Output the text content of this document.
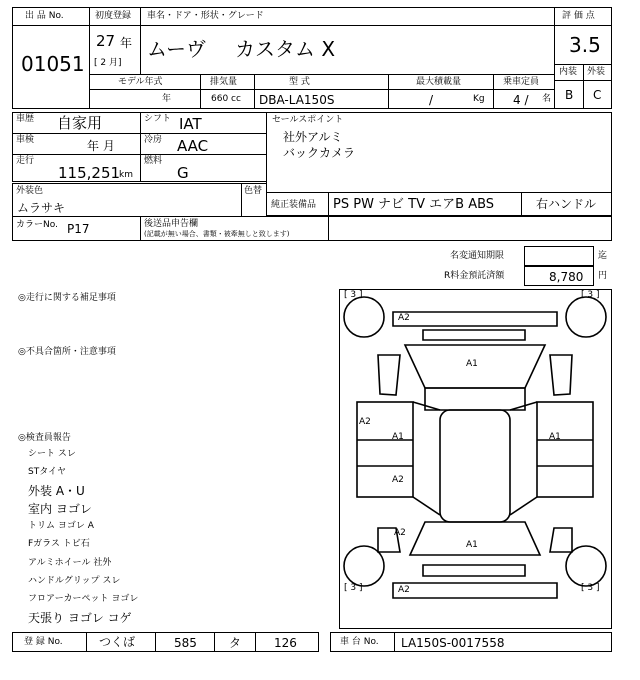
出 品 No.
01051
初度登録
27 年
[ 2 月]
車名・ドア・形状・グレード
ムーヴ カスタム X
評 価 点
3.5
モデル年式
年
排気量
660 cc
型 式
DBA-LA150S
最大積載量
/	Kg
乗車定員
4 / 名
内装 外装
B C
車歴 自家用	シフト IAT
車検	年 月	冷房 AAC
走行
115,251
km
燃料
G
セールスポイント
社外アルミ
バックカメラ
外装色
ムラサキ
色替
純正装備品 PS PW ナビ TV エアB ABS	右ハンドル
カラーNo. P17	後送品申告欄
(記載が無い場合、書類・被牽無しと致します)
名変通知期限	迄
R料金預託済額	8,780 円
◎走行に関する補足事項
◎不具合箇所・注意事項
◎検査員報告
シート スレ
STタイヤ
外装 A・U
室内 ヨゴレ
トリム ヨゴレ A
Fガラス トビ石
アルミホイール 社外
ハンドルグリップ スレ
フロアーカーペット ヨゴレ
天張り ヨゴレ コゲ
[ 3 ]	[ 3 ]
[ 3 ]	[ 3 ]
A2
A1
A2
A1	A1
A2
A2
A1
A2
登 録 No.	つくば	585	タ	126	車 台 No. LA150S-0017558
